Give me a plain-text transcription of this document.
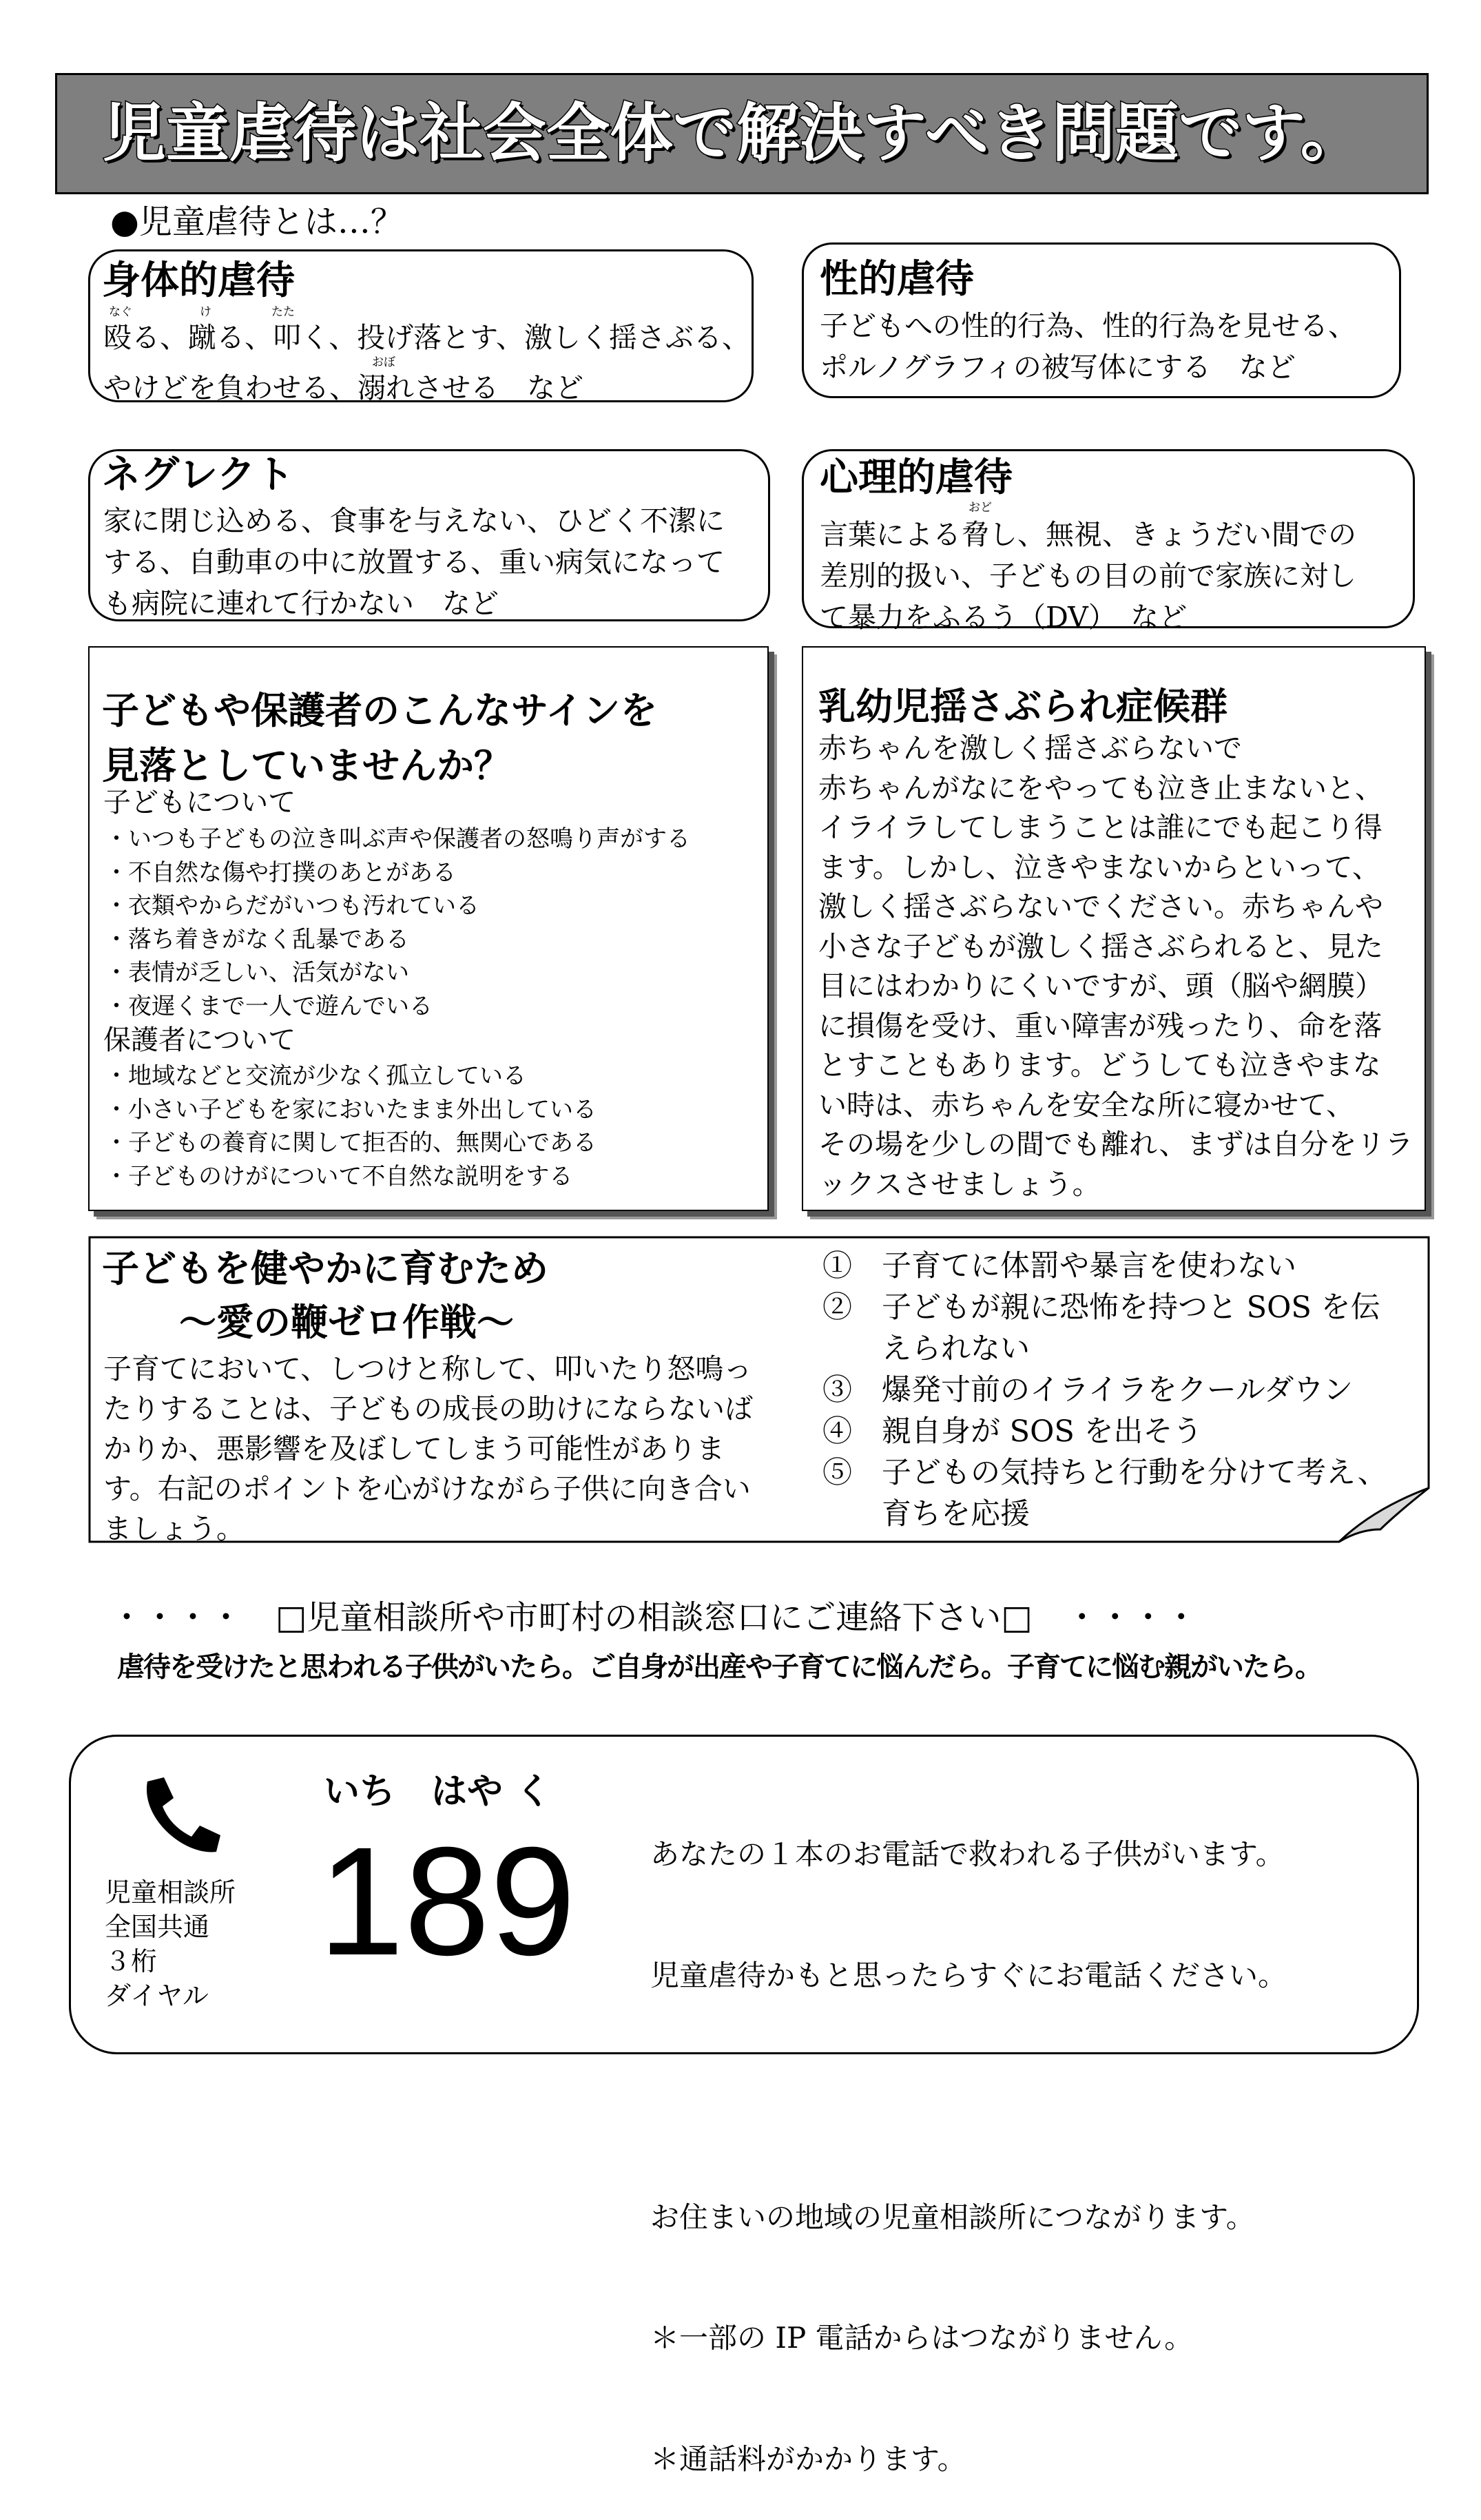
児童虐待は社会全体で解決すべき問題です。
●児童虐待とは…？
身体的虐待
なぐ	け	たた
おぼ
殴る、蹴る、叩く、投げ落とす、激しく揺さぶる、
やけどを負わせる、溺れさせる　など
性的虐待
子どもへの性的行為、性的行為を見せる、
ポルノグラフィの被写体にする　など
ネグレクト
家に閉じ込める、食事を与えない、ひどく不潔に
する、自動車の中に放置する、重い病気になって
も病院に連れて行かない　など
心理的虐待
おど
言葉による脅し、無視、きょうだい間での
差別的扱い、子どもの目の前で家族に対し
て暴力をふるう（DV）　など
子どもや保護者のこんなサインを
見落としていませんか？
子どもについて
・いつも子どもの泣き叫ぶ声や保護者の怒鳴り声がする
・不自然な傷や打撲のあとがある
・衣類やからだがいつも汚れている
・落ち着きがなく乱暴である
・表情が乏しい、活気がない
・夜遅くまで一人で遊んでいる
保護者について
・地域などと交流が少なく孤立している
・小さい子どもを家においたまま外出している
・子どもの養育に関して拒否的、無関心である
・子どものけがについて不自然な説明をする
乳幼児揺さぶられ症候群
赤ちゃんを激しく揺さぶらないで
赤ちゃんがなにをやっても泣き止まないと、
イライラしてしまうことは誰にでも起こり得
ます。しかし、泣きやまないからといって、
激しく揺さぶらないでください。赤ちゃんや
小さな子どもが激しく揺さぶられると、見た
目にはわかりにくいですが、頭（脳や網膜）
に損傷を受け、重い障害が残ったり、命を落
とすこともあります。どうしても泣きやまな
い時は、赤ちゃんを安全な所に寝かせて、
その場を少しの間でも離れ、まずは自分をリラ
ックスさせましょう。
子どもを健やかに育むため
～愛の鞭ゼロ作戦～
子育てにおいて、しつけと称して、叩いたり怒鳴っ
たりすることは、子どもの成長の助けにならないば
かりか、悪影響を及ぼしてしまう可能性がありま
す。右記のポイントを心がけながら子供に向き合い
ましょう。
①　子育てに体罰や暴言を使わない
②　子どもが親に恐怖を持つと SOS を伝
　　えられない
③　爆発寸前のイライラをクールダウン
④　親自身が SOS を出そう
⑤　子どもの気持ちと行動を分けて考え、
　　育ちを応援
・・・・　□児童相談所や市町村の相談窓口にご連絡下さい□　・・・・
虐待を受けたと思われる子供がいたら。ご自身が出産や子育てに悩んだら。子育てに悩む親がいたら。
児童相談所
全国共通
３桁
ダイヤル
いち　はや く
189

	あなたの１本のお電話で救われる子供がいます。

児童虐待かもと思ったらすぐにお電話ください。

お住まいの地域の児童相談所につながります。

＊一部の IP 電話からはつながりません。

＊通話料がかかります。
